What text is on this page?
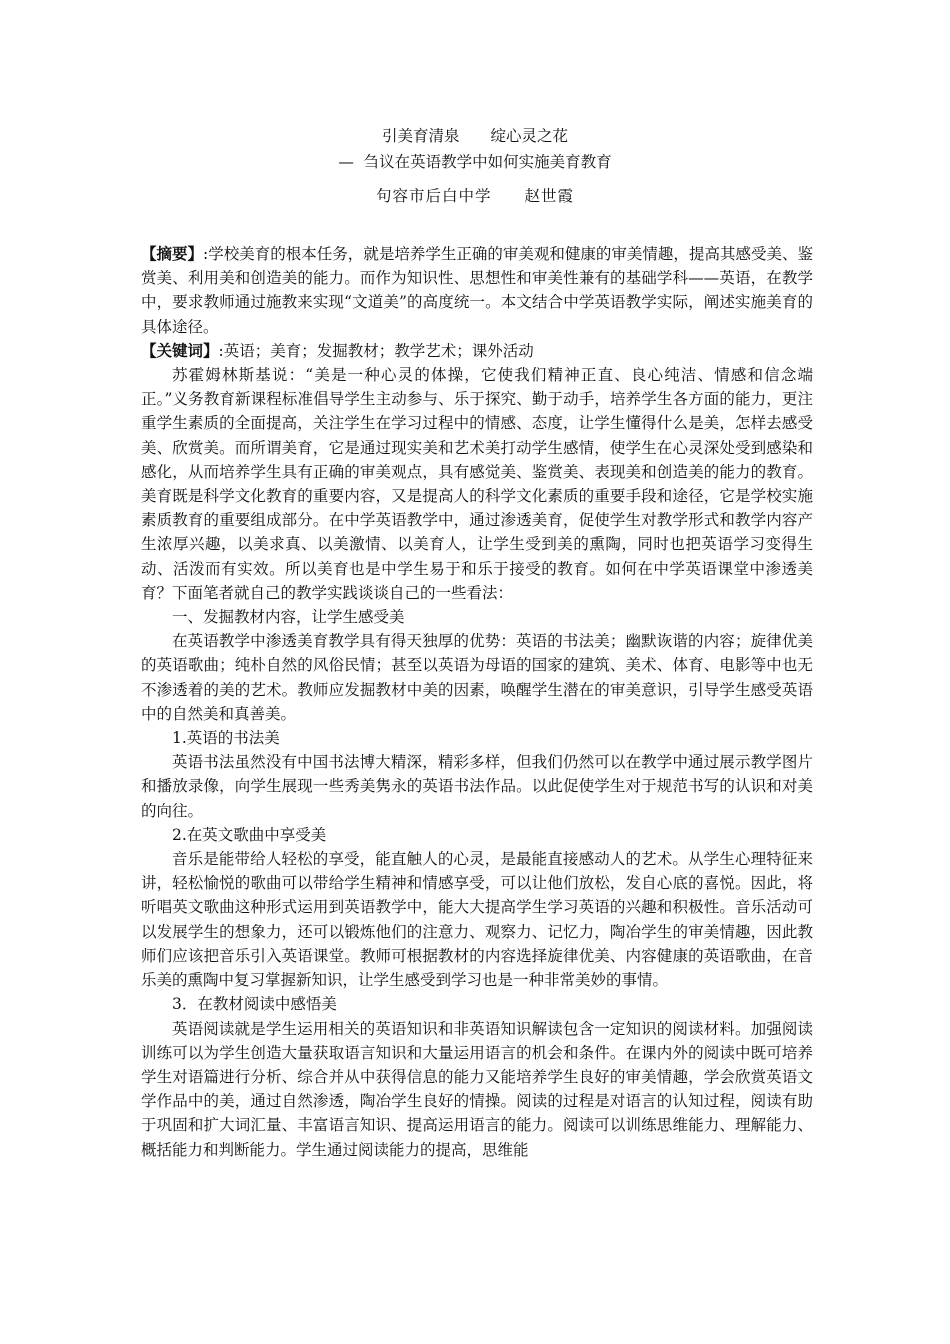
引美育清泉　　绽心灵之花
—  刍议在英语教学中如何实施美育教育
句容市后白中学　　赵世霞

【摘要】:学校美育的根本任务，就是培养学生正确的审美观和健康的审美情趣，提高其感受美、鉴赏美、利用美和创造美的能力。而作为知识性、思想性和审美性兼有的基础学科——英语，在教学中，要求教师通过施教来实现“文道美”的高度统一。本文结合中学英语教学实际，阐述实施美育的具体途径。

【关键词】:英语；美育；发掘教材；教学艺术；课外活动

苏霍姆林斯基说：“美是一种心灵的体操，它使我们精神正直、良心纯洁、情感和信念端正。”义务教育新课程标准倡导学生主动参与、乐于探究、勤于动手，培养学生各方面的能力，更注重学生素质的全面提高，关注学生在学习过程中的情感、态度，让学生懂得什么是美，怎样去感受美、欣赏美。而所谓美育，它是通过现实美和艺术美打动学生感情，使学生在心灵深处受到感染和感化，从而培养学生具有正确的审美观点，具有感觉美、鉴赏美、表现美和创造美的能力的教育。美育既是科学文化教育的重要内容，又是提高人的科学文化素质的重要手段和途径，它是学校实施素质教育的重要组成部分。在中学英语教学中，通过渗透美育，促使学生对教学形式和教学内容产生浓厚兴趣，以美求真、以美激情、以美育人，让学生受到美的熏陶，同时也把英语学习变得生动、活泼而有实效。所以美育也是中学生易于和乐于接受的教育。如何在中学英语课堂中渗透美育？下面笔者就自己的教学实践谈谈自己的一些看法：

一、发掘教材内容，让学生感受美

在英语教学中渗透美育教学具有得天独厚的优势：英语的书法美；幽默诙谐的内容；旋律优美的英语歌曲；纯朴自然的风俗民情；甚至以英语为母语的国家的建筑、美术、体育、电影等中也无不渗透着的美的艺术。教师应发掘教材中美的因素，唤醒学生潜在的审美意识，引导学生感受英语中的自然美和真善美。

1.英语的书法美

英语书法虽然没有中国书法博大精深，精彩多样，但我们仍然可以在教学中通过展示教学图片和播放录像，向学生展现一些秀美隽永的英语书法作品。以此促使学生对于规范书写的认识和对美的向往。

2.在英文歌曲中享受美

音乐是能带给人轻松的享受，能直触人的心灵，是最能直接感动人的艺术。从学生心理特征来讲，轻松愉悦的歌曲可以带给学生精神和情感享受，可以让他们放松，发自心底的喜悦。因此，将听唱英文歌曲这种形式运用到英语教学中，能大大提高学生学习英语的兴趣和积极性。音乐活动可以发展学生的想象力，还可以锻炼他们的注意力、观察力、记忆力，陶冶学生的审美情趣，因此教师们应该把音乐引入英语课堂。教师可根据教材的内容选择旋律优美、内容健康的英语歌曲，在音乐美的熏陶中复习掌握新知识，让学生感受到学习也是一种非常美妙的事情。

3．在教材阅读中感悟美

英语阅读就是学生运用相关的英语知识和非英语知识解读包含一定知识的阅读材料。加强阅读训练可以为学生创造大量获取语言知识和大量运用语言的机会和条件。在课内外的阅读中既可培养学生对语篇进行分析、综合并从中获得信息的能力又能培养学生良好的审美情趣，学会欣赏英语文学作品中的美，通过自然渗透，陶冶学生良好的情操。阅读的过程是对语言的认知过程，阅读有助于巩固和扩大词汇量、丰富语言知识、提高运用语言的能力。阅读可以训练思维能力、理解能力、概括能力和判断能力。学生通过阅读能力的提高，思维能
